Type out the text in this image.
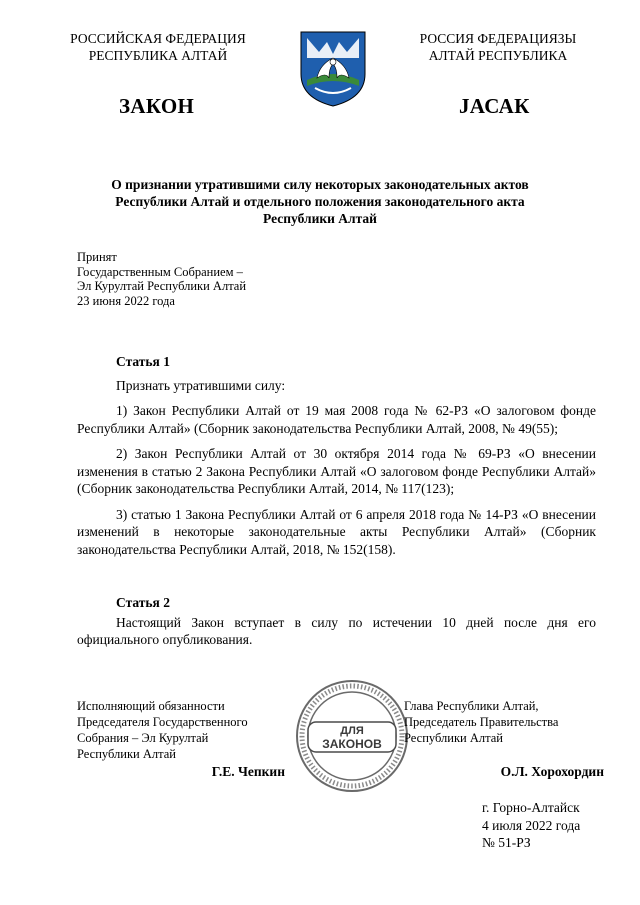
РОССИЙСКАЯ ФЕДЕРАЦИЯ
РЕСПУБЛИКА АЛТАЙ
РОССИЯ ФЕДЕРАЦИЯЗЫ
АЛТАЙ РЕСПУБЛИКА
ЗАКОН	JАСАК
О признании утратившими силу некоторых законодательных актов
Республики Алтай и отдельного положения законодательного акта
Республики Алтай
Принят
Государственным Собранием –
Эл Курултай Республики Алтай
23 июня 2022 года

Статья 1

Признать утратившими силу:

1) Закон Республики Алтай от 19 мая 2008 года № 62-РЗ «О залоговом фонде Республики Алтай» (Сборник законодательства Республики Алтай, 2008, № 49(55);

2) Закон Республики Алтай от 30 октября 2014 года № 69-РЗ «О внесении изменения в статью 2 Закона Республики Алтай «О залоговом фонде Республики Алтай» (Сборник законодательства Республики Алтай, 2014, № 117(123);

3) статью 1 Закона Республики Алтай от 6 апреля 2018 года № 14-РЗ «О внесении изменений в некоторые законодательные акты Республики Алтай» (Сборник законодательства Республики Алтай, 2018, № 152(158).

Статья 2

Настоящий Закон вступает в силу по истечении 10 дней после дня его официального опубликования.

Исполняющий обязанности
Председателя Государственного
Собрания – Эл Курултай
Республики Алтай
Г.Е. Чепкин
ДЛЯ
ЗАКОНОВ
Глава Республики Алтай,
Председатель Правительства
Республики Алтай
О.Л. Хорохордин
г. Горно-Алтайск
4 июля 2022 года
№ 51-РЗ
